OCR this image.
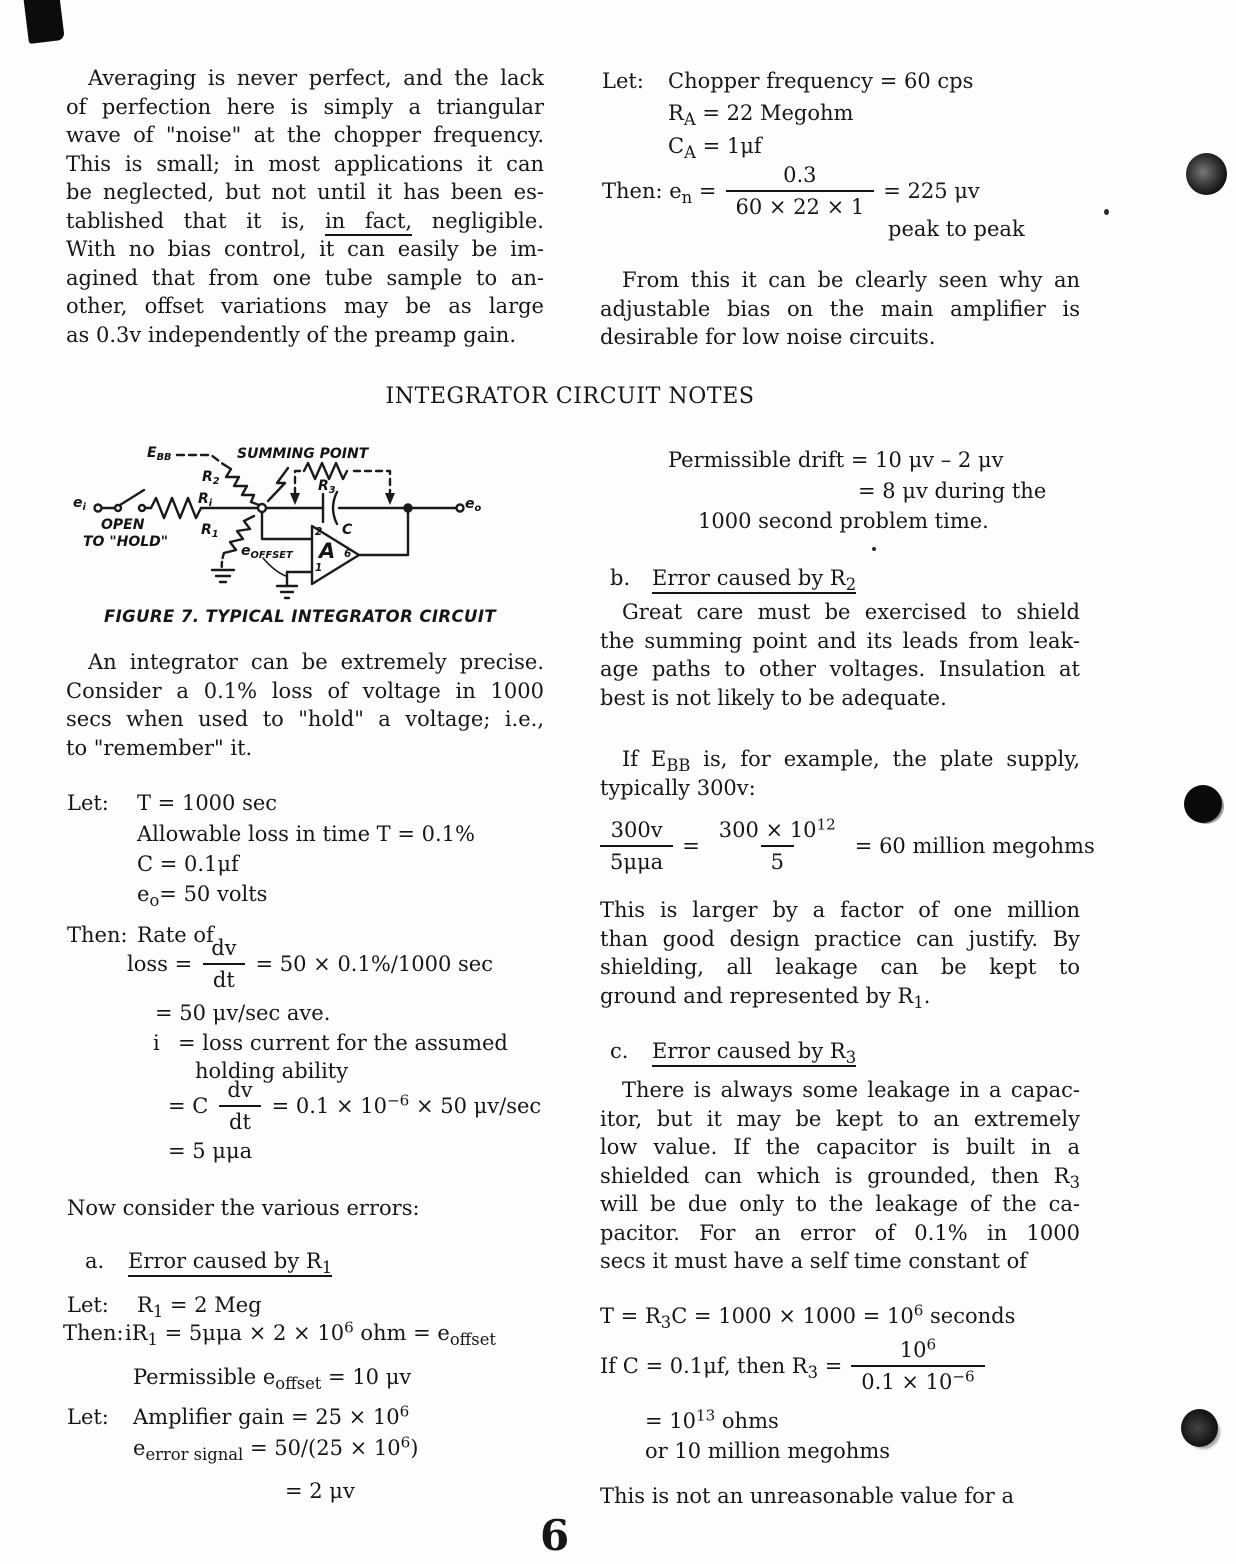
Averaging is never perfect, and the lack
of perfection here is simply a triangular
wave of "noise" at the chopper frequency.
This is small; in most applications it can
be neglected, but not until it has been es-
tablished that it is, in fact, negligible.
With no bias control, it can easily be im-
agined that from one tube sample to an-
other, offset variations may be as large
as 0.3v independently of the preamp gain.
Let: Chopper frequency = 60 cps
$R_A = 22$ Megohm
$C_A = 1\mu f$
Then: $e_n = \frac{0.3}{60 \times 22 \times 1} = 225$ μv
peak to peak
From this it can be clearly seen why an
adjustable bias on the main amplifier is
desirable for low noise circuits.
INTEGRATOR CIRCUIT NOTES
$E_{BB}$	SUMMING POINT
$R_2$
$R_i$
$e_i$
OPEN
TO "HOLD"
$R_1$
$e_{OFFSET}$
$R_3$
C
A
2
6
1
$e_o$
FIGURE 7. TYPICAL INTEGRATOR CIRCUIT
An integrator can be extremely precise.
Consider a 0.1% loss of voltage in 1000
secs when used to "hold" a voltage; i.e.,
to "remember" it.
Let: T = 1000 sec
Allowable loss in time T = 0.1%
C = 0.1μf
$e_o= 50$ volts
Then: Rate of
loss = $\frac{dv}{dt} = 50 \times 0.1\%/1000$ sec
= 50 μv/sec ave.
i = loss current for the assumed
holding ability
= C $\frac{dv}{dt} = 0.1 \times 10^{-6} \times 50$ μv/sec
= 5 μμa
Now consider the various errors:
a. Error caused by $R_1$
Let: $R_1 = 2$ Meg
Then: $iR_1 = 5\mu\mu a \times 2 \times 10^6$ ohm = $e_{offset}$
Permissible $e_{offset} = 10$ μv
Let: Amplifier gain = $25 \times 10^6$
$e_{error signal} = 50/(25 \times 10^6)$
= 2 μv
Permissible drift = 10 μv – 2 μv
= 8 μv during the
1000 second problem time.
b. Error caused by $R_2$
Great care must be exercised to shield
the summing point and its leads from leak-
age paths to other voltages. Insulation at
best is not likely to be adequate.
If $E_{BB}$ is, for example, the plate supply,
typically 300v:
$\frac{300v}{\text{5μμa}} = \frac{300 \times 10^{12}}{5} = 60$ million megohms
This is larger by a factor of one million
than good design practice can justify. By
shielding, all leakage can be kept to
ground and represented by $R_1$.
c. Error caused by $R_3$
There is always some leakage in a capac-
itor, but it may be kept to an extremely
low value. If the capacitor is built in a
shielded can which is grounded, then $R_3$
will be due only to the leakage of the ca-
pacitor. For an error of 0.1% in 1000
secs it must have a self time constant of
$T = R_3C = 1000 \times 1000 = 10^6$ seconds
If C = 0.1μf, then $R_3 = \frac{10^6}{0.1 \times 10^{-6}}$
= $10^{13}$ ohms
or 10 million megohms
This is not an unreasonable value for a
6
